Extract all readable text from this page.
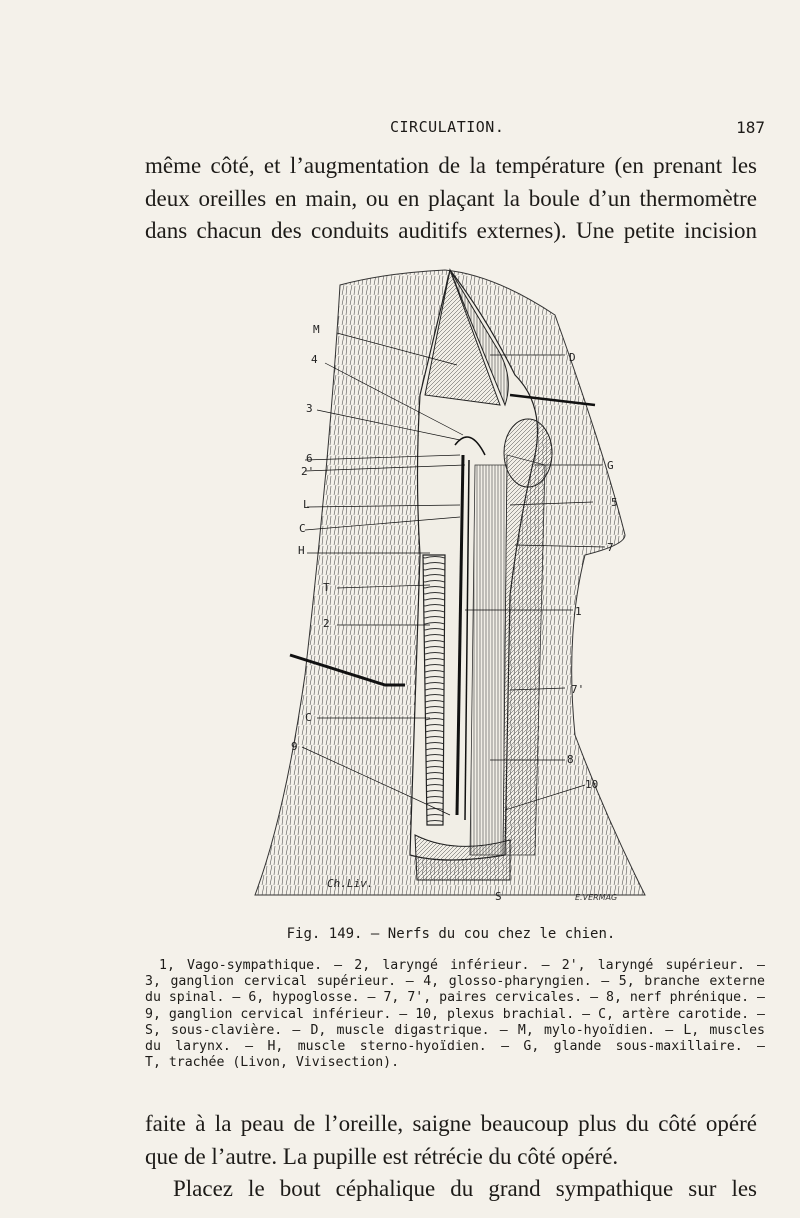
CIRCULATION.	187
même côté, et l’augmentation de la température (en prenant les
deux oreilles en main, ou en plaçant la boule d’un thermomètre
dans chacun des conduits auditifs externes). Une petite incision
M
4
3
6
2'
L
C
H
T
2
C
9
D
G
5
7
1
7'
8
10
S
Ch.Liv.
E.VERMAG
Fig. 149. — Nerfs du cou chez le chien.
1, Vago-sympathique. — 2, laryngé inférieur. — 2', laryngé supérieur. —
3, ganglion cervical supérieur. — 4, glosso-pharyngien. — 5, branche externe
du spinal. — 6, hypoglosse. — 7, 7', paires cervicales. — 8, nerf phrénique. —
9, ganglion cervical inférieur. — 10, plexus brachial. — C, artère carotide. —
S, sous-clavière. — D, muscle digastrique. — M, mylo-hyoïdien. — L, muscles
du larynx. — H, muscle sterno-hyoïdien. — G, glande sous-maxillaire. —
T, trachée (Livon, Vivisection).
faite à la peau de l’oreille, saigne beaucoup plus du côté opéré
que de l’autre. La pupille est rétrécie du côté opéré.
Placez le bout céphalique du grand sympathique sur les
